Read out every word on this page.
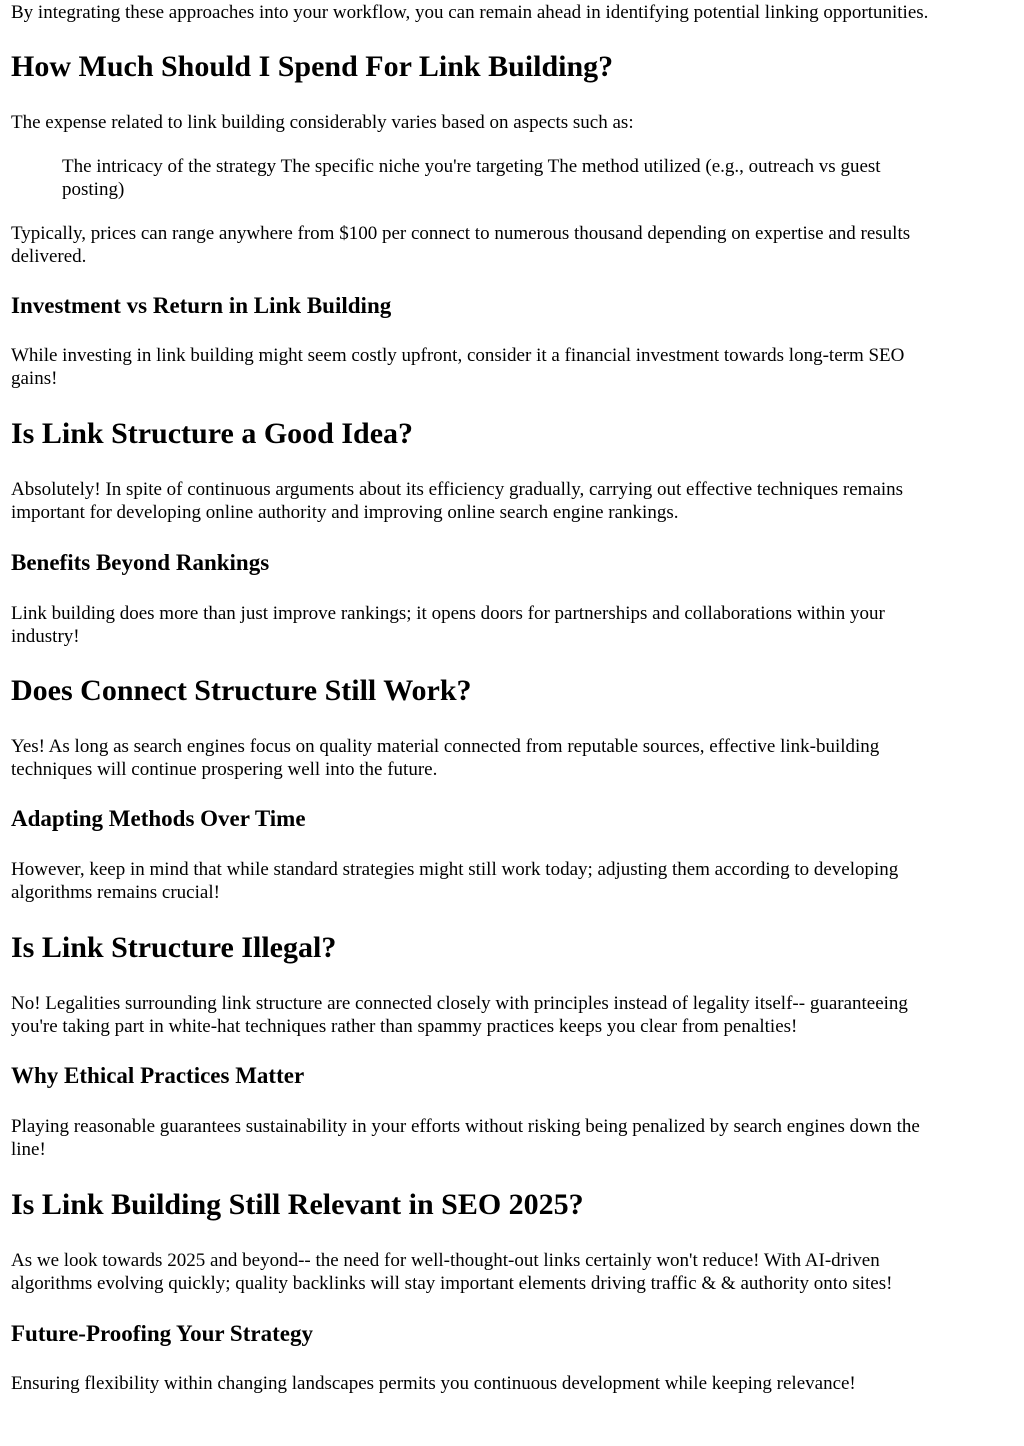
By integrating these approaches into your workflow, you can remain ahead in identifying potential linking opportunities.

How Much Should I Spend For Link Building?

The expense related to link building considerably varies based on aspects such as:

The intricacy of the strategy The specific niche you're targeting The method utilized (e.g., outreach vs guest
posting)

Typically, prices can range anywhere from $100 per connect to numerous thousand depending on expertise and results
delivered.

Investment vs Return in Link Building

While investing in link building might seem costly upfront, consider it a financial investment towards long-term SEO
gains!

Is Link Structure a Good Idea?

Absolutely! In spite of continuous arguments about its efficiency gradually, carrying out effective techniques remains
important for developing online authority and improving online search engine rankings.

Benefits Beyond Rankings

Link building does more than just improve rankings; it opens doors for partnerships and collaborations within your
industry!

Does Connect Structure Still Work?

Yes! As long as search engines focus on quality material connected from reputable sources, effective link-building
techniques will continue prospering well into the future.

Adapting Methods Over Time

However, keep in mind that while standard strategies might still work today; adjusting them according to developing
algorithms remains crucial!

Is Link Structure Illegal?

No! Legalities surrounding link structure are connected closely with principles instead of legality itself-- guaranteeing
you're taking part in white-hat techniques rather than spammy practices keeps you clear from penalties!

Why Ethical Practices Matter

Playing reasonable guarantees sustainability in your efforts without risking being penalized by search engines down the
line!

Is Link Building Still Relevant in SEO 2025?

As we look towards 2025 and beyond-- the need for well-thought-out links certainly won't reduce! With AI-driven
algorithms evolving quickly; quality backlinks will stay important elements driving traffic & & authority onto sites!

Future-Proofing Your Strategy

Ensuring flexibility within changing landscapes permits you continuous development while keeping relevance!
